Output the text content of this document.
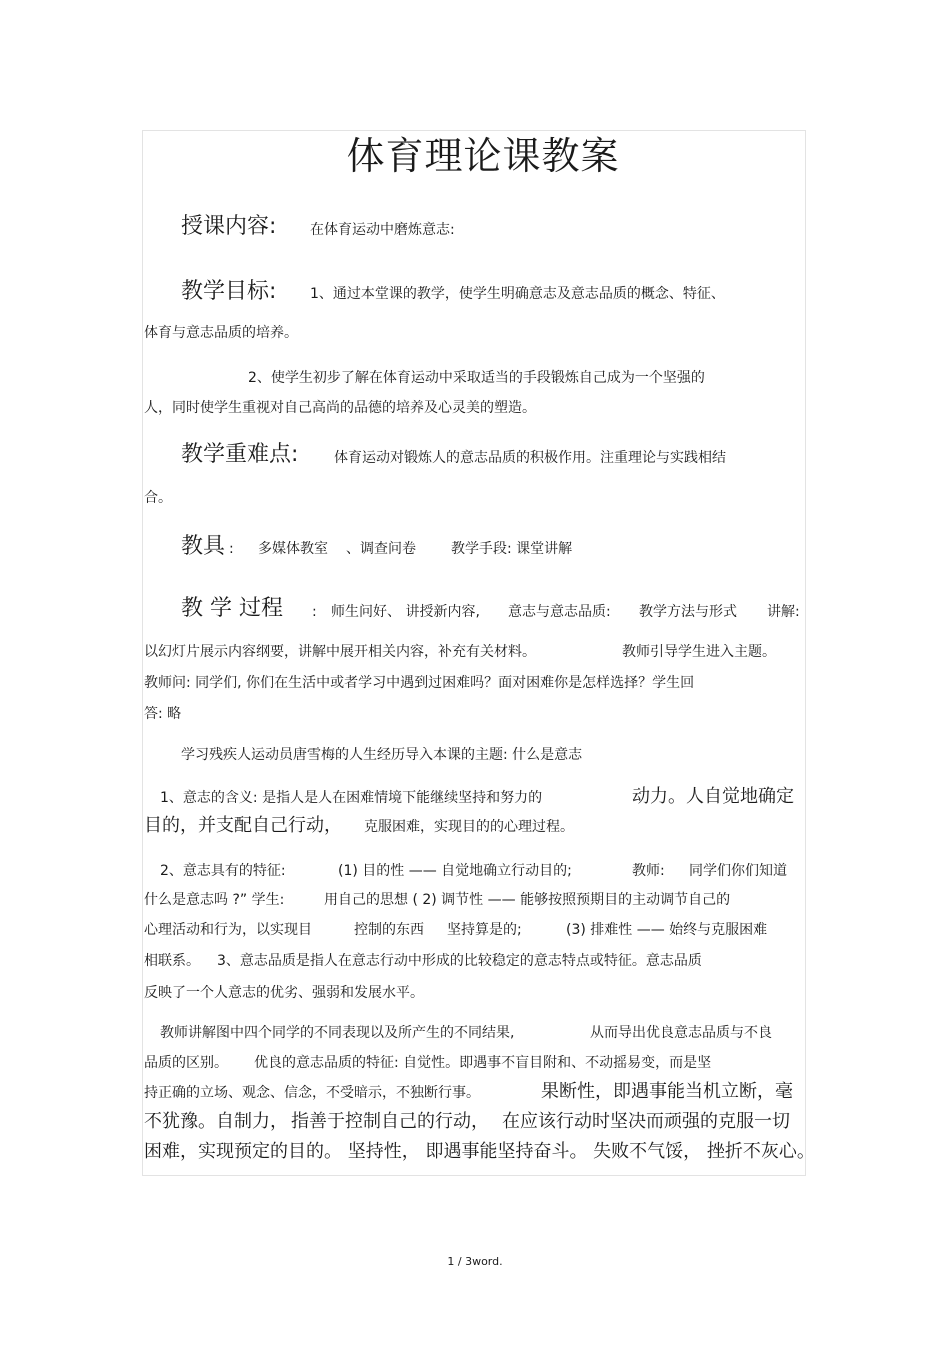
体育理论课教案
授课内容: 在体育运动中磨炼意志:
教学目标: 1、通过本堂课的教学，使学生明确意志及意志品质的概念、特征、
体育与意志品质的培养。
2、使学生初步了解在体育运动中采取适当的手段锻炼自己成为一个坚强的
人，同时使学生重视对自己高尚的品德的培养及心灵美的塑造。
教学重难点:	体育运动对锻炼人的意志品质的积极作用。注重理论与实践相结
合。
教具 : 多媒体教室 、调查问卷	教学手段: 课堂讲解
教 学 过程 : 师生问好、 讲授新内容, 意志与意志品质: 教学方法与形式 讲解:
以幻灯片展示内容纲要，讲解中展开相关内容，补充有关材料。	教师引导学生进入主题。
教师问: 同学们, 你们在生活中或者学习中遇到过困难吗？面对困难你是怎样选择？学生回
答: 略
学习残疾人运动员唐雪梅的人生经历导入本课的主题: 什么是意志
1、意志的含义: 是指人是人在困难情境下能继续坚持和努力的	动力。人自觉地确定
目的，并支配自己行动， 克服困难，实现目的的心理过程。
2、意志具有的特征:	(1) 目的性 —— 自觉地确立行动目的;	教师: 同学们你们知道
什么是意志吗 ?” 学生:	用自己的思想 ( 2) 调节性 —— 能够按照预期目的主动调节自己的
心理活动和行为，以实现目	控制的东西 坚持算是的;	(3) 排难性 —— 始终与克服困难
相联系。 3、意志品质是指人在意志行动中形成的比较稳定的意志特点或特征。意志品质
反映了一个人意志的优劣、强弱和发展水平。
教师讲解图中四个同学的不同表现以及所产生的不同结果,	从而导出优良意志品质与不良
品质的区别。 优良的意志品质的特征: 自觉性。即遇事不盲目附和、不动摇易变，而是坚
持正确的立场、观念、信念，不受暗示，不独断行事。	果断性，即遇事能当机立断，毫
不犹豫。自制力， 指善于控制自己的行动， 在应该行动时坚决而顽强的克服一切
困难，实现预定的目的。 坚持性， 即遇事能坚持奋斗。 失败不气馁， 挫折不灰心。
1 / 3word.
